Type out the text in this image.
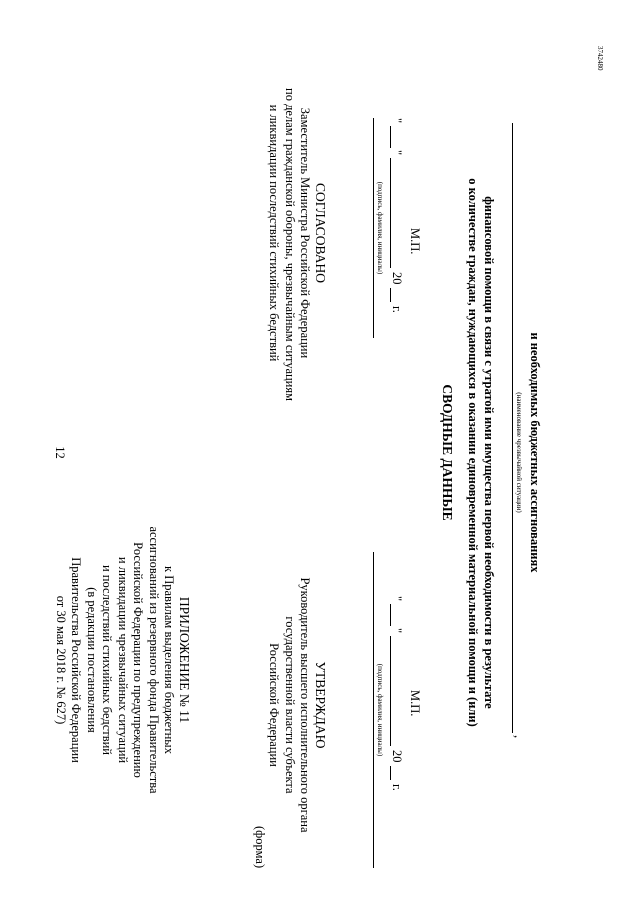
12
ПРИЛОЖЕНИЕ № 11
к Правилам выделения бюджетных
ассигнований из резервного фонда Правительства
Российской Федерации по предупреждению
и ликвидации чрезвычайных ситуаций
и последствий стихийных бедствий
(в редакции постановления
Правительства Российской Федерации
от 30 мая 2018 г. № 627)
(форма)
СОГЛАСОВАНО
Заместитель Министра Российской Федерации
по делам гражданской обороны, чрезвычайным ситуациям
и ликвидации последствий стихийных бедствий	(подпись, фамилия, инициалы)
"
"
20
г.
М.П.
УТВЕРЖДАЮ
Руководитель высшего исполнительного органа
государственной власти субъекта
Российской Федерации	(подпись, фамилия, инициалы)
"
"
20
г.
М.П.
СВОДНЫЕ ДАННЫЕ о количестве граждан, нуждающихся в оказании единовременной материальной помощи и (или) финансовой помощи в связи с утратой ими имущества первой необходимости в результате
,
(наименование чрезвычайной ситуации) и необходимых бюджетных ассигнованиях
3742480
